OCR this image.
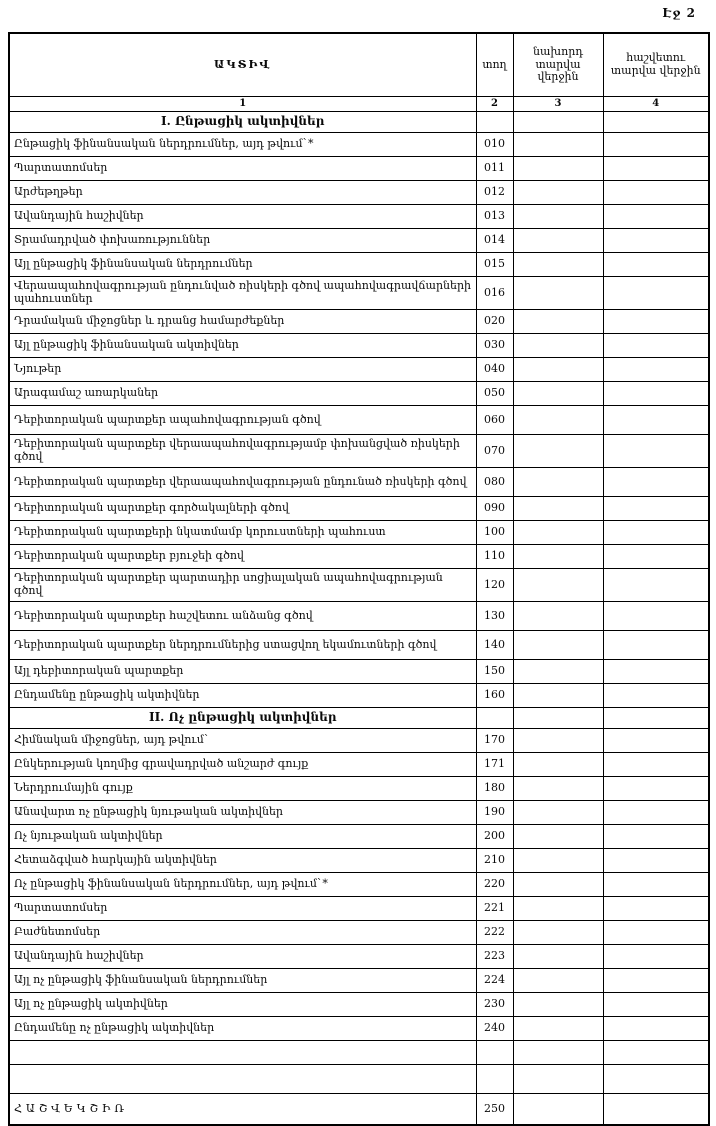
Էջ 2
ԱԿՏԻՎ	տող	նախորդ տարվա վերջին	հաշվետու տարվա վերջին
1	2	3	4
I. Ընթացիկ ակտիվներ			
Ընթացիկ ֆինանսական ներդրումներ, այդ թվում`*	010		
Պարտատոմսեր	011		
Արժեթղթեր	012		
Ավանդային հաշիվներ	013		
Տրամադրված փոխառություններ	014		
Այլ ընթացիկ ֆինանսական ներդրումներ	015		
Վերաապահովագրության ընդունված ռիսկերի գծով ապահովագրավճարների պահուստներ	016		
Դրամական միջոցներ և դրանց համարժեքներ	020		
Այլ ընթացիկ ֆինանսական ակտիվներ	030		
Նյութեր	040		
Արագամաշ առարկաներ	050		
Դեբիտորական պարտքեր ապահովագրության գծով	060		
Դեբիտորական պարտքեր վերաապահովագրությամբ փոխանցված ռիսկերի գծով	070		
Դեբիտորական պարտքեր վերաապահովագրության ընդունած ռիսկերի գծով	080		
Դեբիտորական պարտքեր գործակալների գծով	090		
Դեբիտորական պարտքերի նկատմամբ կորուստների պահուստ	100		
Դեբիտորական պարտքեր բյուջեի գծով	110		
Դեբիտորական պարտքեր պարտադիր սոցիալական ապահովագրության գծով	120		
Դեբիտորական պարտքեր հաշվետու անձանց գծով	130		
Դեբիտորական պարտքեր ներդրումներից ստացվող եկամուտների գծով	140		
Այլ դեբիտորական պարտքեր	150		
Ընդամենը ընթացիկ ակտիվներ	160		
II. Ոչ ընթացիկ ակտիվներ			
Հիմնական միջոցներ, այդ թվում`	170		
Ընկերության կողմից գրավադրված անշարժ գույք	171		
Ներդրումային գույք	180		
Անավարտ ոչ ընթացիկ նյութական ակտիվներ	190		
Ոչ նյութական ակտիվներ	200		
Հետաձգված հարկային ակտիվներ	210		
Ոչ ընթացիկ ֆինանսական ներդրումներ, այդ թվում`*	220		
Պարտատոմսեր	221		
Բաժնետոմսեր	222		
Ավանդային հաշիվներ	223		
Այլ ոչ ընթացիկ ֆինանսական ներդրումներ	224		
Այլ ոչ ընթացիկ ակտիվներ	230		
Ընդամենը ոչ ընթացիկ ակտիվներ	240		

ՀԱՇՎԵԿՇԻՌ	250		
